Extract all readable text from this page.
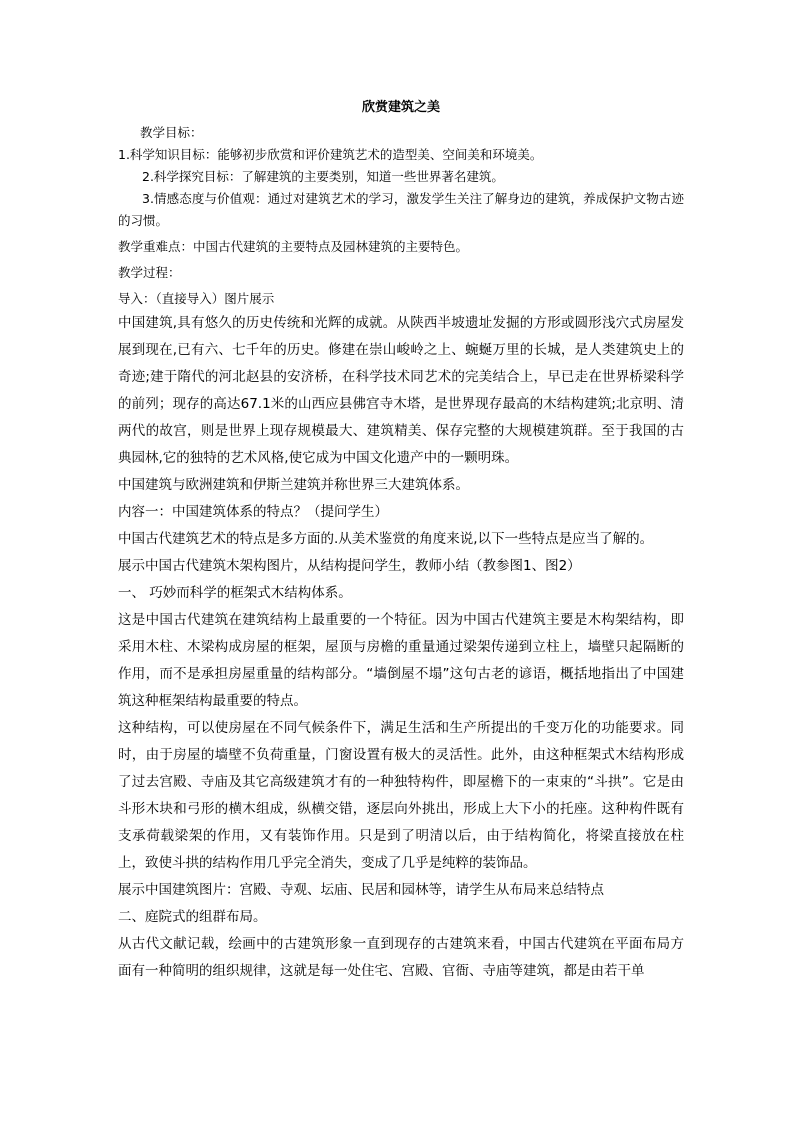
欣赏建筑之美

教学目标：

1.科学知识目标：能够初步欣赏和评价建筑艺术的造型美、空间美和环境美。

2.科学探究目标：了解建筑的主要类别，知道一些世界著名建筑。

3.情感态度与价值观：通过对建筑艺术的学习，激发学生关注了解身边的建筑，养成保护文物古迹的习惯。

教学重难点：中国古代建筑的主要特点及园林建筑的主要特色。

教学过程：

导入：（直接导入）图片展示

中国建筑,具有悠久的历史传统和光辉的成就。从陕西半坡遗址发掘的方形或圆形浅穴式房屋发展到现在,已有六、七千年的历史。修建在崇山峻岭之上、蜿蜒万里的长城，是人类建筑史上的奇迹;建于隋代的河北赵县的安济桥，在科学技术同艺术的完美结合上，早已走在世界桥梁科学的前列；现存的高达67.1米的山西应县佛宫寺木塔，是世界现存最高的木结构建筑;北京明、清两代的故宫，则是世界上现存规模最大、建筑精美、保存完整的大规模建筑群。至于我国的古典园林,它的独特的艺术风格,使它成为中国文化遗产中的一颗明珠。

中国建筑与欧洲建筑和伊斯兰建筑并称世界三大建筑体系。

内容一：中国建筑体系的特点？（提问学生）

中国古代建筑艺术的特点是多方面的.从美术鉴赏的角度来说,以下一些特点是应当了解的。

展示中国古代建筑木架构图片，从结构提问学生，教师小结（教参图1、图2）

一、 巧妙而科学的框架式木结构体系。

这是中国古代建筑在建筑结构上最重要的一个特征。因为中国古代建筑主要是木构架结构，即采用木柱、木梁构成房屋的框架，屋顶与房檐的重量通过梁架传递到立柱上，墙壁只起隔断的作用，而不是承担房屋重量的结构部分。“墙倒屋不塌”这句古老的谚语，概括地指出了中国建筑这种框架结构最重要的特点。

这种结构，可以使房屋在不同气候条件下，满足生活和生产所提出的千变万化的功能要求。同时，由于房屋的墙壁不负荷重量，门窗设置有极大的灵活性。此外，由这种框架式木结构形成了过去宫殿、寺庙及其它高级建筑才有的一种独特构件，即屋檐下的一束束的“斗拱”。它是由斗形木块和弓形的横木组成，纵横交错，逐层向外挑出，形成上大下小的托座。这种构件既有支承荷载梁架的作用，又有装饰作用。只是到了明清以后，由于结构简化，将梁直接放在柱上，致使斗拱的结构作用几乎完全消失，变成了几乎是纯粹的装饰品。

展示中国建筑图片：宫殿、寺观、坛庙、民居和园林等，请学生从布局来总结特点

二、庭院式的组群布局。

从古代文献记载，绘画中的古建筑形象一直到现存的古建筑来看，中国古代建筑在平面布局方面有一种简明的组织规律，这就是每一处住宅、宫殿、官衙、寺庙等建筑，都是由若干单
